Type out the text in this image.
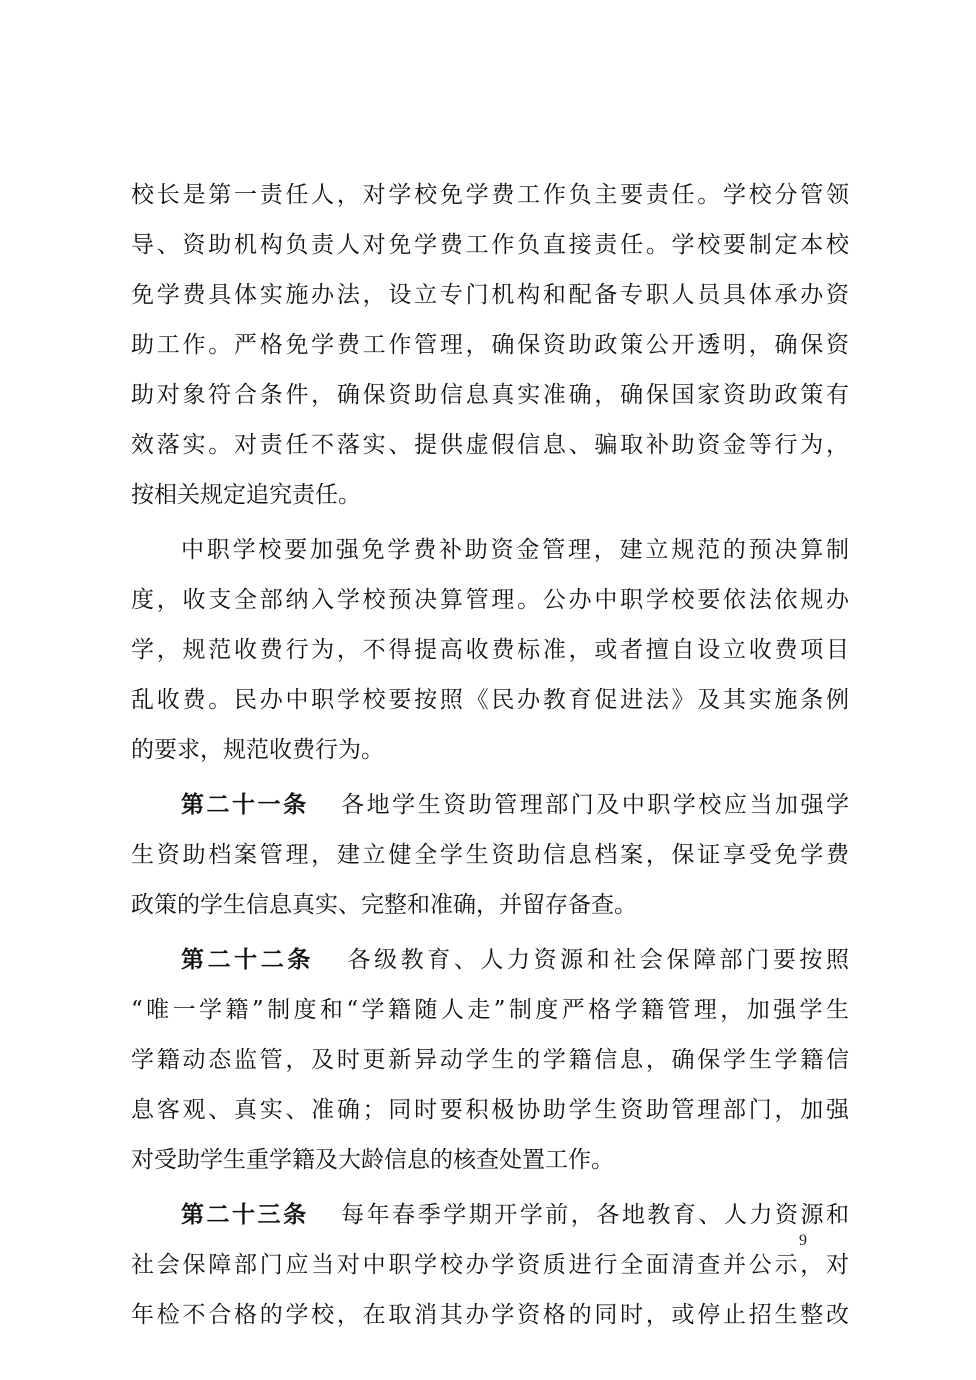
校长是第一责任人，对学校免学费工作负主要责任。学校分管领
导、资助机构负责人对免学费工作负直接责任。学校要制定本校
免学费具体实施办法，设立专门机构和配备专职人员具体承办资
助工作。严格免学费工作管理，确保资助政策公开透明，确保资
助对象符合条件，确保资助信息真实准确，确保国家资助政策有
效落实。对责任不落实、提供虚假信息、骗取补助资金等行为，
按相关规定追究责任。
中职学校要加强免学费补助资金管理，建立规范的预决算制
度，收支全部纳入学校预决算管理。公办中职学校要依法依规办
学，规范收费行为，不得提高收费标准，或者擅自设立收费项目
乱收费。民办中职学校要按照《民办教育促进法》及其实施条例
的要求，规范收费行为。
第二十一条 各地学生资助管理部门及中职学校应当加强学
生资助档案管理，建立健全学生资助信息档案，保证享受免学费
政策的学生信息真实、完整和准确，并留存备查。
第二十二条 各级教育、人力资源和社会保障部门要按照
“唯一学籍”制度和“学籍随人走”制度严格学籍管理，加强学生
学籍动态监管，及时更新异动学生的学籍信息，确保学生学籍信
息客观、真实、准确；同时要积极协助学生资助管理部门，加强
对受助学生重学籍及大龄信息的核查处置工作。
第二十三条 每年春季学期开学前，各地教育、人力资源和
社会保障部门应当对中职学校办学资质进行全面清查并公示，对
年检不合格的学校，在取消其办学资格的同时，或停止招生整改
9
